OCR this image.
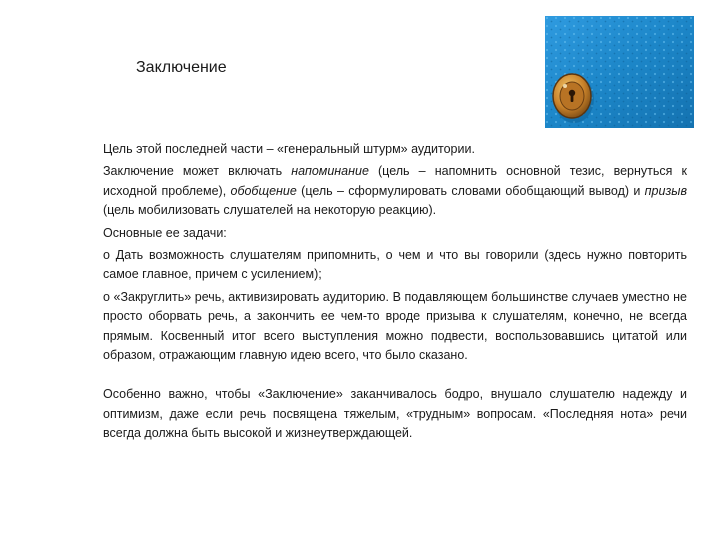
Заключение

Цель этой последней части – «генеральный штурм» аудитории.

Заключение может включать напоминание (цель – напомнить основной тезис, вернуться к исходной проблеме), обобщение (цель – сформулировать словами обобщающий вывод) и призыв (цель мобилизовать слушателей на некоторую реакцию).

Основные ее задачи:

o Дать возможность слушателям припомнить, о чем и что вы говорили (здесь нужно повторить самое главное, причем с усилением);

o «Закруглить» речь, активизировать аудиторию. В подавляющем большинстве случаев уместно не просто оборвать речь, а закончить ее чем-то вроде призыва к слушателям, конечно, не всегда прямым. Косвенный итог всего выступления можно подвести, воспользовавшись цитатой или образом, отражающим главную идею всего, что было сказано.

Особенно важно, чтобы «Заключение» заканчивалось бодро, внушало слушателю надежду и оптимизм, даже если речь посвящена тяжелым, «трудным» вопросам. «Последняя нота» речи всегда должна быть высокой и жизнеутверждающей.
